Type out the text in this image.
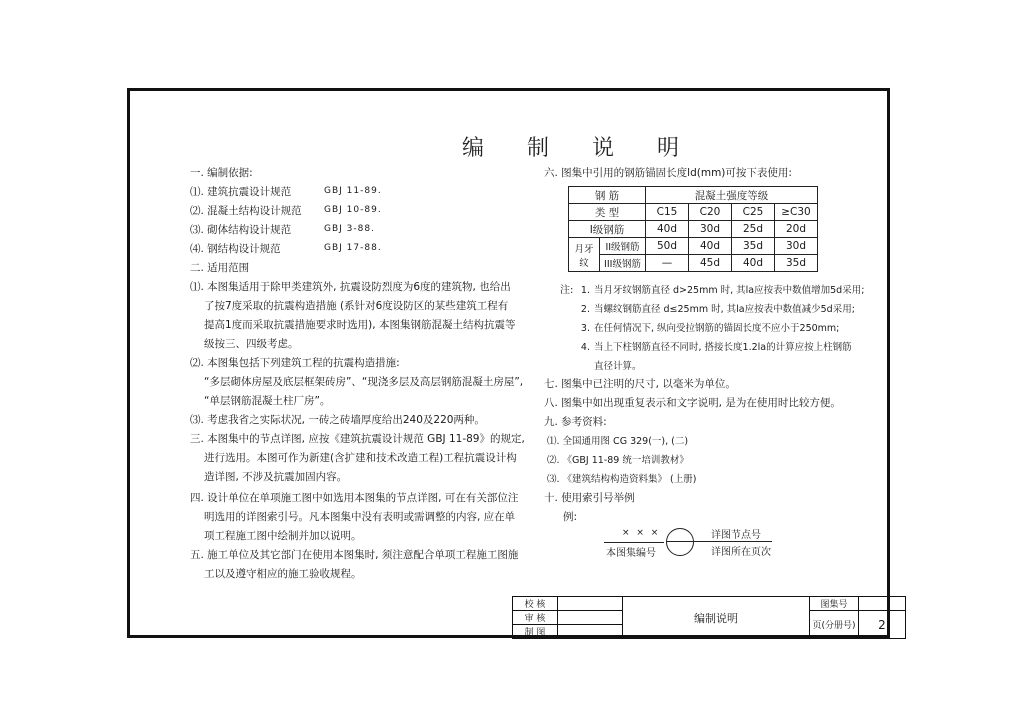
编 制 说 明
一. 编制依据:
⑴. 建筑抗震设计规范	GBJ 11-89.
⑵. 混凝土结构设计规范	GBJ 10-89.
⑶. 砌体结构设计规范	GBJ 3-88.
⑷. 钢结构设计规范	GBJ 17-88.
二. 适用范围
⑴. 本图集适用于除甲类建筑外, 抗震设防烈度为6度的建筑物, 也给出
了按7度采取的抗震构造措施 (系针对6度设防区的某些建筑工程有
提高1度而采取抗震措施要求时选用), 本图集钢筋混凝土结构抗震等
级按三、四级考虑。
⑵. 本图集包括下列建筑工程的抗震构造措施:
“多层砌体房屋及底层框架砖房”、“现浇多层及高层钢筋混凝土房屋”,
“单层钢筋混凝土柱厂房”。
⑶. 考虑我省之实际状况, 一砖之砖墙厚度给出240及220两种。
三. 本图集中的节点详图, 应按《建筑抗震设计规范 GBJ 11-89》的规定,
进行选用。本图可作为新建(含扩建和技术改造工程)工程抗震设计构
造详图, 不涉及抗震加固内容。
四. 设计单位在单项施工图中如选用本图集的节点详图, 可在有关部位注
明选用的详图索引号。凡本图集中没有表明或需调整的内容, 应在单
项工程施工图中绘制并加以说明。
五. 施工单位及其它部门在使用本图集时, 须注意配合单项工程施工图施
工以及遵守相应的施工验收规程。
六. 图集中引用的钢筋锚固长度ld(mm)可按下表使用:
钢 筋		混凝土强度等级			
类 型		C15	C20	C25	≥C30
I级钢筋		40d	30d	25d	20d
月牙纹	II级钢筋	50d	40d	35d	30d
	III级钢筋	—	45d	40d	35d
注: 1. 当月牙纹钢筋直径 d>25mm 时, 其la应按表中数值增加5d采用;
2. 当螺纹钢筋直径 d≤25mm 时, 其la应按表中数值减少5d采用;
3. 在任何情况下, 纵向受拉钢筋的锚固长度不应小于250mm;
4. 当上下柱钢筋直径不同时, 搭接长度1.2la的计算应按上柱钢筋
直径计算。
七. 图集中已注明的尺寸, 以毫米为单位。
八. 图集中如出现重复表示和文字说明, 是为在使用时比较方便。
九. 参考资料:
⑴. 全国通用图 CG 329(一), (二)
⑵. 《GBJ 11-89 统一培训教材》
⑶. 《建筑结构构造资料集》 (上册)
十. 使用索引号举例
例:
× × ×
本图集编号
详图节点号
详图所在页次
校 核		编制说明	图集号	
审 核			页(分册号)	2
制 图				
